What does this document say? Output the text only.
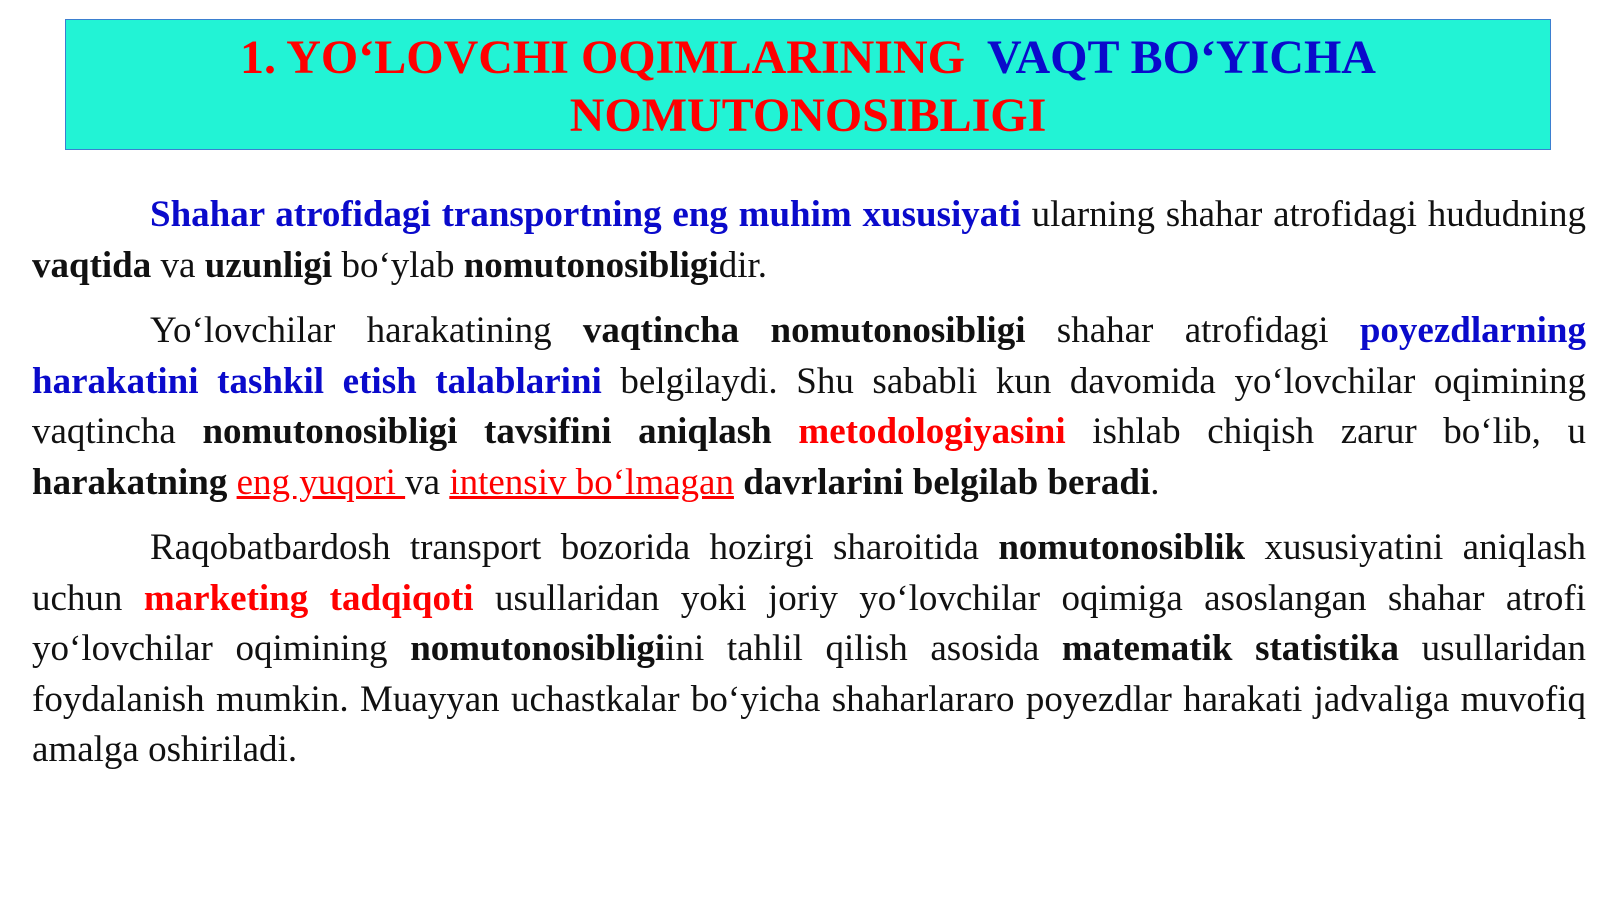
1. YO‘LOVCHI OQIMLARINING VAQT BO‘YICHA
NOMUTONOSIBLIGI

Shahar atrofidagi transportning eng muhim xususiyati ularning shahar atrofidagi hududning vaqtida va uzunligi bo‘ylab nomutonosibligidir.

Yo‘lovchilar harakatining vaqtincha nomutonosibligi shahar atrofidagi poyezdlarning harakatini tashkil etish talablarini belgilaydi. Shu sababli kun davomida yo‘lovchilar oqimining vaqtincha nomutonosibligi tavsifini aniqlash metodologiyasini ishlab chiqish zarur bo‘lib, u harakatning eng yuqori va intensiv bo‘lmagan davrlarini belgilab beradi.

Raqobatbardosh transport bozorida hozirgi sharoitida nomutonosiblik xususiyatini aniqlash uchun marketing tadqiqoti usullaridan yoki joriy yo‘lovchilar oqimiga asoslangan shahar atrofi yo‘lovchilar oqimining nomutonosibligiini tahlil qilish asosida matematik statistika usullaridan foydalanish mumkin. Muayyan uchastkalar bo‘yicha shaharlararo poyezdlar harakati jadvaliga muvofiq amalga oshiriladi.
